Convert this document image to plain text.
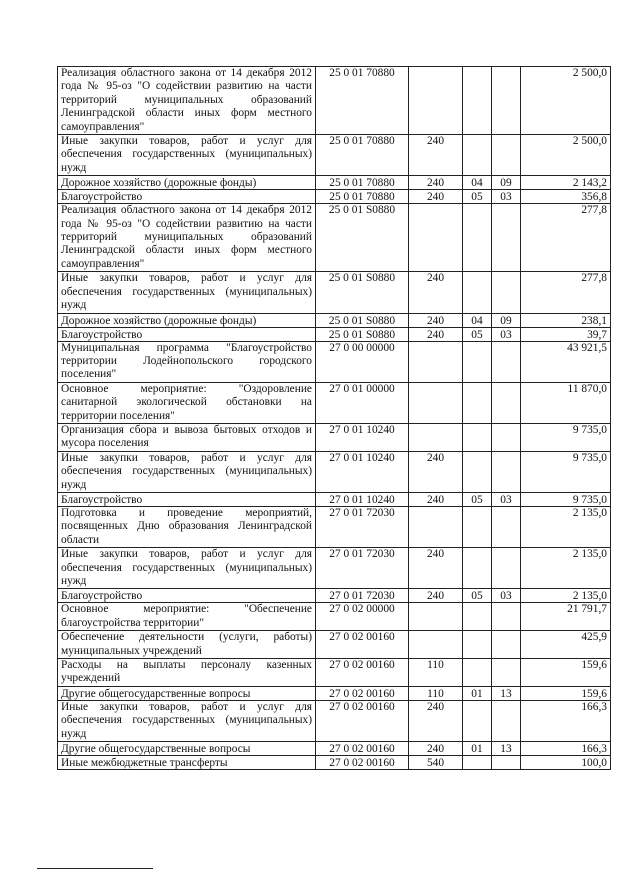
Реализация областного закона от 14 декабря 2012 года № 95-оз "О содействии развитию на части территорий муниципальных образований Ленинградской области иных форм местного самоуправления"	25 0 01 70880				2 500,0
Иные закупки товаров, работ и услуг для обеспечения государственных (муниципальных) нужд	25 0 01 70880	240			2 500,0
Дорожное хозяйство (дорожные фонды)	25 0 01 70880	240	04	09	2 143,2
Благоустройство	25 0 01 70880	240	05	03	356,8
Реализация областного закона от 14 декабря 2012 года № 95-оз "О содействии развитию на части территорий муниципальных образований Ленинградской области иных форм местного самоуправления"	25 0 01 S0880				277,8
Иные закупки товаров, работ и услуг для обеспечения государственных (муниципальных) нужд	25 0 01 S0880	240			277,8
Дорожное хозяйство (дорожные фонды)	25 0 01 S0880	240	04	09	238,1
Благоустройство	25 0 01 S0880	240	05	03	39,7
Муниципальная программа "Благоустройство территории Лодейнопольского городского поселения"	27 0 00 00000				43 921,5
Основное мероприятие: "Оздоровление санитарной экологической обстановки на территории поселения"	27 0 01 00000				11 870,0
Организация сбора и вывоза бытовых отходов и мусора поселения	27 0 01 10240				9 735,0
Иные закупки товаров, работ и услуг для обеспечения государственных (муниципальных) нужд	27 0 01 10240	240			9 735,0
Благоустройство	27 0 01 10240	240	05	03	9 735,0
Подготовка и проведение мероприятий, посвященных Дню образования Ленинградской области	27 0 01 72030				2 135,0
Иные закупки товаров, работ и услуг для обеспечения государственных (муниципальных) нужд	27 0 01 72030	240			2 135,0
Благоустройство	27 0 01 72030	240	05	03	2 135,0
Основное мероприятие: "Обеспечение благоустройства территории"	27 0 02 00000				21 791,7
Обеспечение деятельности (услуги, работы) муниципальных учреждений	27 0 02 00160				425,9
Расходы на выплаты персоналу казенных учреждений	27 0 02 00160	110			159,6
Другие общегосударственные вопросы	27 0 02 00160	110	01	13	159,6
Иные закупки товаров, работ и услуг для обеспечения государственных (муниципальных) нужд	27 0 02 00160	240			166,3
Другие общегосударственные вопросы	27 0 02 00160	240	01	13	166,3
Иные межбюджетные трансферты	27 0 02 00160	540			100,0
